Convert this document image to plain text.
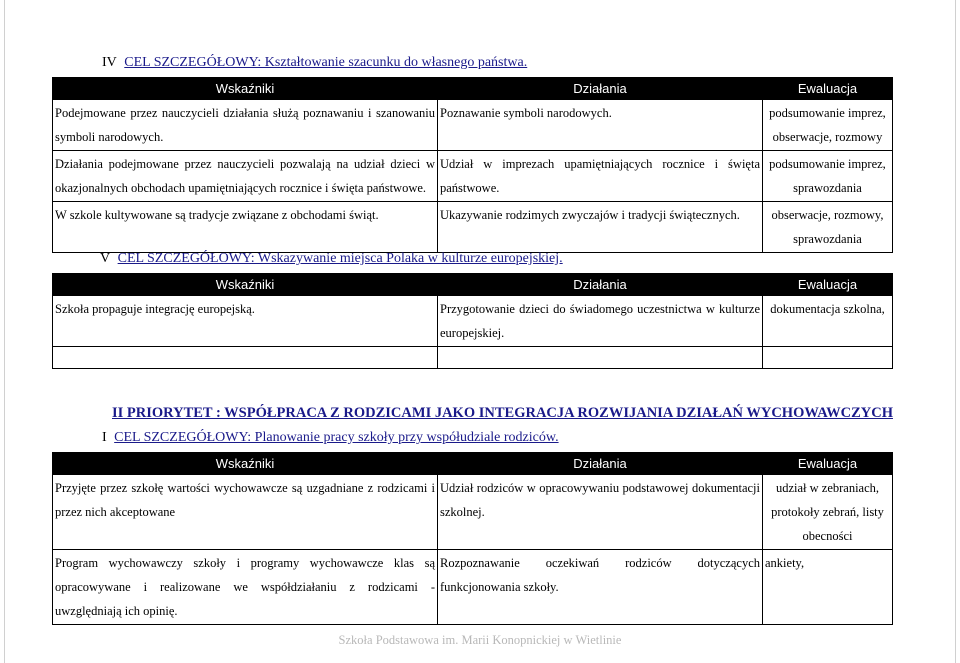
IV CEL SZCZEGÓŁOWY: Kształtowanie szacunku do własnego państwa.
Wskaźniki	Działania	Ewaluacja
Podejmowane przez nauczycieli działania służą poznawaniu i szanowaniu symboli narodowych.	Poznawanie symboli narodowych.	podsumowanie imprez, obserwacje, rozmowy
Działania podejmowane przez nauczycieli pozwalają na udział dzieci w okazjonalnych obchodach upamiętniających rocznice i święta państwowe.	Udział w imprezach upamiętniających rocznice i święta państwowe.	podsumowanie imprez, sprawozdania
W szkole kultywowane są tradycje związane z obchodami świąt.	Ukazywanie rodzimych zwyczajów i tradycji świątecznych.	obserwacje, rozmowy, sprawozdania
V CEL SZCZEGÓŁOWY: Wskazywanie miejsca Polaka w kulturze europejskiej.
Wskaźniki	Działania	Ewaluacja
Szkoła propaguje integrację europejską.	Przygotowanie dzieci do świadomego uczestnictwa w kulturze europejskiej.	dokumentacja szkolna,

II PRIORYTET : WSPÓŁPRACA Z RODZICAMI JAKO INTEGRACJA ROZWIJANIA DZIAŁAŃ WYCHOWAWCZYCH
I CEL SZCZEGÓŁOWY: Planowanie pracy szkoły przy współudziale rodziców.
Wskaźniki	Działania	Ewaluacja
Przyjęte przez szkołę wartości wychowawcze są uzgadniane z rodzicami i przez nich akceptowane	Udział rodziców w opracowywaniu podstawowej dokumentacji szkolnej.	udział w zebraniach, protokoły zebrań, listy obecności
Program wychowawczy szkoły i programy wychowawcze klas są opracowywane i realizowane we współdziałaniu z rodzicami - uwzględniają ich opinię.	Rozpoznawanie oczekiwań rodziców dotyczących funkcjonowania szkoły.	ankiety,
Szkoła Podstawowa im. Marii Konopnickiej w Wietlinie
